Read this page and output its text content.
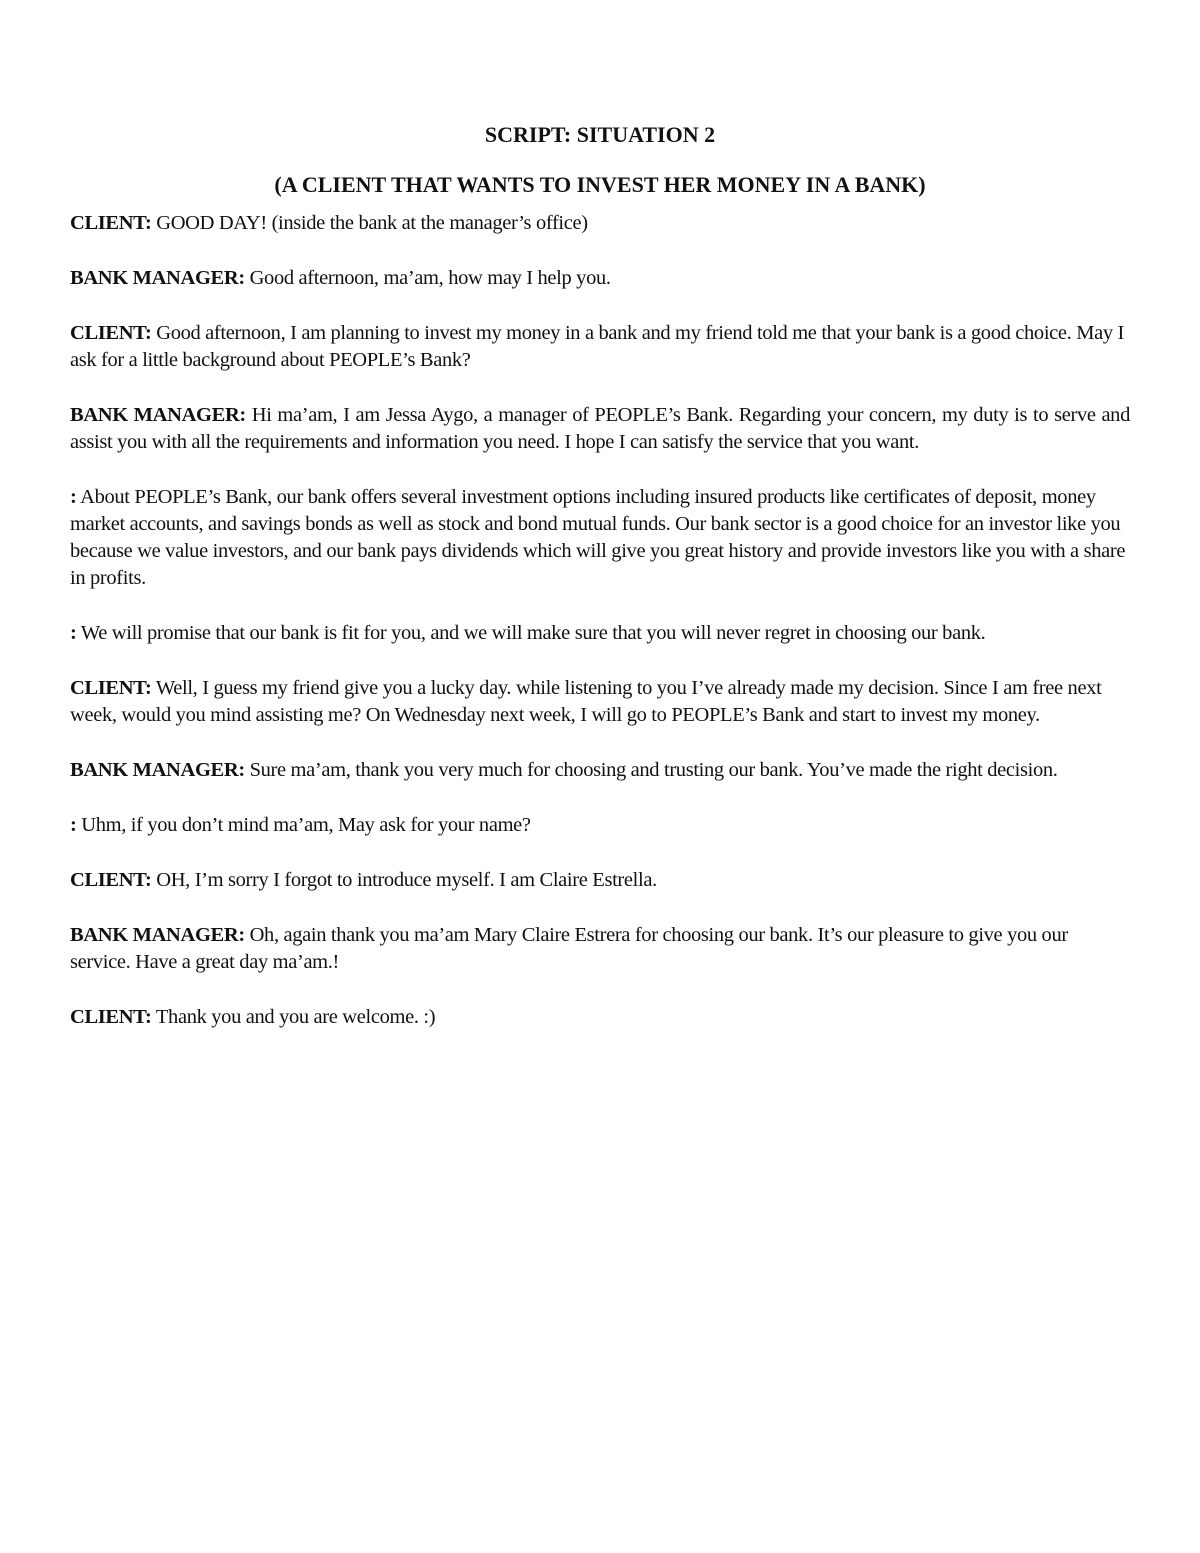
SCRIPT: SITUATION 2
(A CLIENT THAT WANTS TO INVEST HER MONEY IN A BANK)

CLIENT: GOOD DAY! (inside the bank at the manager’s office)

BANK MANAGER: Good afternoon, ma’am, how may I help you.

CLIENT: Good afternoon, I am planning to invest my money in a bank and my friend told me that your bank is a good choice. May I ask for a little background about PEOPLE’s Bank?

BANK MANAGER: Hi ma’am, I am Jessa Aygo, a manager of PEOPLE’s Bank. Regarding your concern, my duty is to serve and assist you with all the requirements and information you need. I hope I can satisfy the service that you want.

: About PEOPLE’s Bank, our bank offers several investment options including insured products like certificates of deposit, money market accounts, and savings bonds as well as stock and bond mutual funds. Our bank sector is a good choice for an investor like you because we value investors, and our bank pays dividends which will give you great history and provide investors like you with a share in profits.

: We will promise that our bank is fit for you, and we will make sure that you will never regret in choosing our bank.

CLIENT: Well, I guess my friend give you a lucky day. while listening to you I’ve already made my decision. Since I am free next week, would you mind assisting me? On Wednesday next week, I will go to PEOPLE’s Bank and start to invest my money.

BANK MANAGER: Sure ma’am, thank you very much for choosing and trusting our bank. You’ve made the right decision.

: Uhm, if you don’t mind ma’am, May ask for your name?

CLIENT: OH, I’m sorry I forgot to introduce myself. I am Claire Estrella.

BANK MANAGER: Oh, again thank you ma’am Mary Claire Estrera for choosing our bank. It’s our pleasure to give you our service. Have a great day ma’am.!

CLIENT: Thank you and you are welcome. :)
